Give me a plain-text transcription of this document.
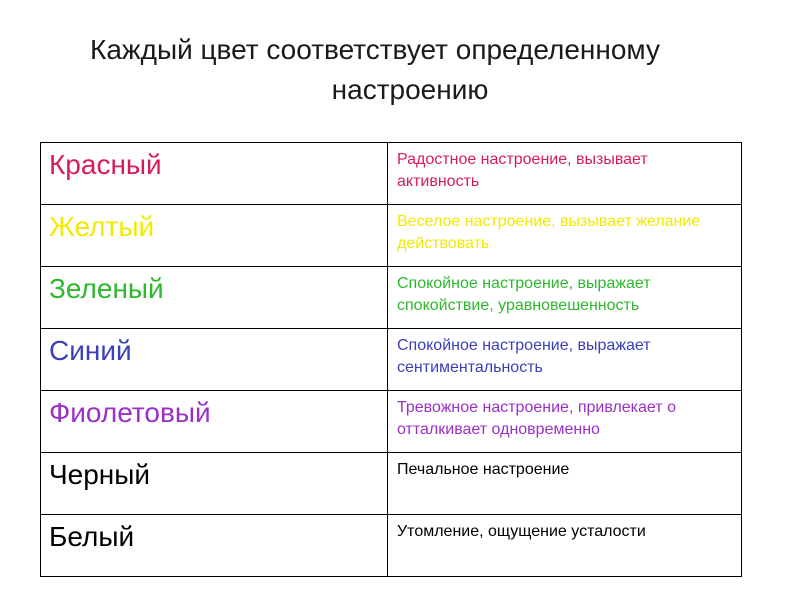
Каждый цвет соответствует определенному
настроению
Красный	Радостное настроение, вызывает активность

Желтый	Веселое настроение, вызывает желание действовать

Зеленый	Спокойное настроение, выражает спокойствие, уравновешенность

Синий	Спокойное настроение, выражает сентиментальность

Фиолетовый	Тревожное настроение, привлекает о отталкивает одновременно

Черный	Печальное настроение

Белый	Утомление, ощущение усталости
